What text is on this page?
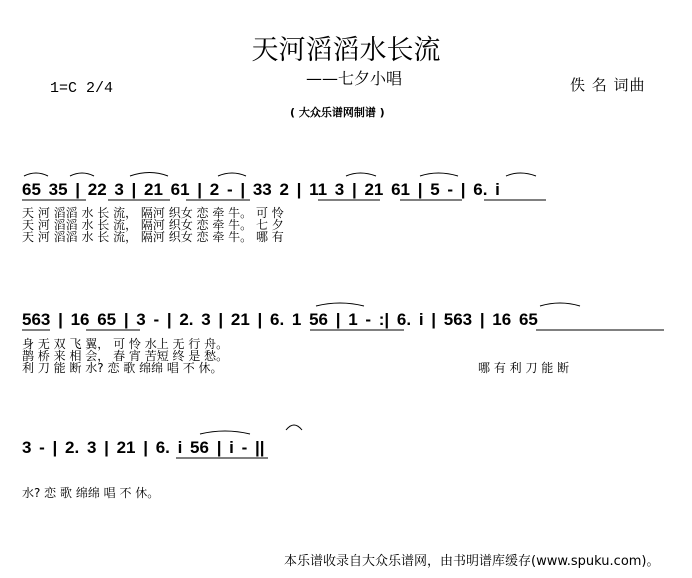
天河滔滔水长流
——七夕小唱
1=C 2/4	佚 名 词曲
( 大众乐谱网制谱 )
65 35 | 22 3 | 21 61 | 2 - | 33 2 | 11 3 | 21 61 | 5 - | 6. i
天 河 滔滔 水 长 流， 隔河 织女 恋 牵 牛。 可 怜
天 河 滔滔 水 长 流， 隔河 织女 恋 牵 牛。 七 夕
天 河 滔滔 水 长 流， 隔河 织女 恋 牵 牛。 哪 有
563 | 16 65 | 3 - | 2. 3 | 21 | 6. 1 56 | 1 - :| 6. i | 563 | 16 65
身 无 双 飞 翼， 可 怜 水上 无 行 舟。
鹊 桥 来 相 会， 春 宵 苦短 终 是 愁。
利 刀 能 断 水? 恋 歌 绵绵 唱 不 休。	哪 有 利 刀 能 断
3 - | 2. 3 | 21 | 6. i 56 | i - ||
水? 恋 歌 绵绵 唱 不 休。
本乐谱收录自大众乐谱网，由书明谱库缓存(www.spuku.com)。
